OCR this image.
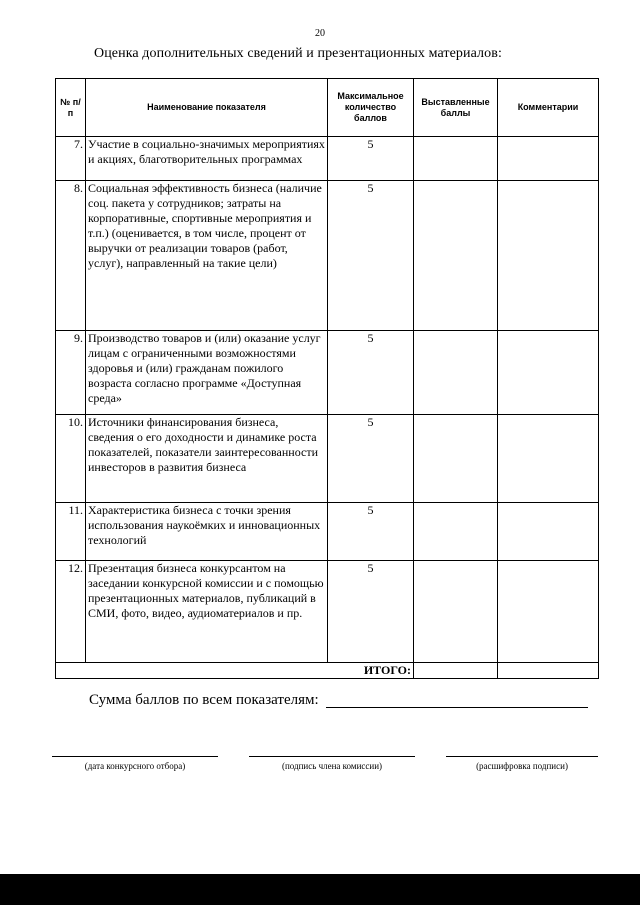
20
Оценка дополнительных сведений и презентационных материалов:
№ п/п	Наименование показателя	Максимальное количество баллов	Выставленные баллы	Комментарии
7.	Участие в социально-значимых мероприятиях и акциях, благотворительных программах	5		
8.	Социальная эффективность бизнеса (наличие соц. пакета у сотрудников; затраты на корпоративные, спортивные мероприятия и т.п.) (оценивается, в том числе, процент от выручки от реализации товаров (работ, услуг), направленный на такие цели)	5		
9.	Производство товаров и (или) оказание услуг лицам с ограниченными возможностями здоровья и (или) гражданам пожилого возраста согласно программе «Доступная среда»	5		
10.	Источники финансирования бизнеса, сведения о его доходности и динамике роста показателей, показатели заинтересованности инвесторов в развития бизнеса	5		
11.	Характеристика бизнеса с точки зрения использования наукоёмких и инновационных технологий	5		
12.	Презентация бизнеса конкурсантом на заседании конкурсной комиссии и с помощью презентационных материалов, публикаций в СМИ, фото, видео, аудиоматериалов и пр.	5		
ИТОГО:				
Сумма баллов по всем показателям:
(дата конкурсного отбора)	(подпись члена комиссии)	(расшифровка подписи)
